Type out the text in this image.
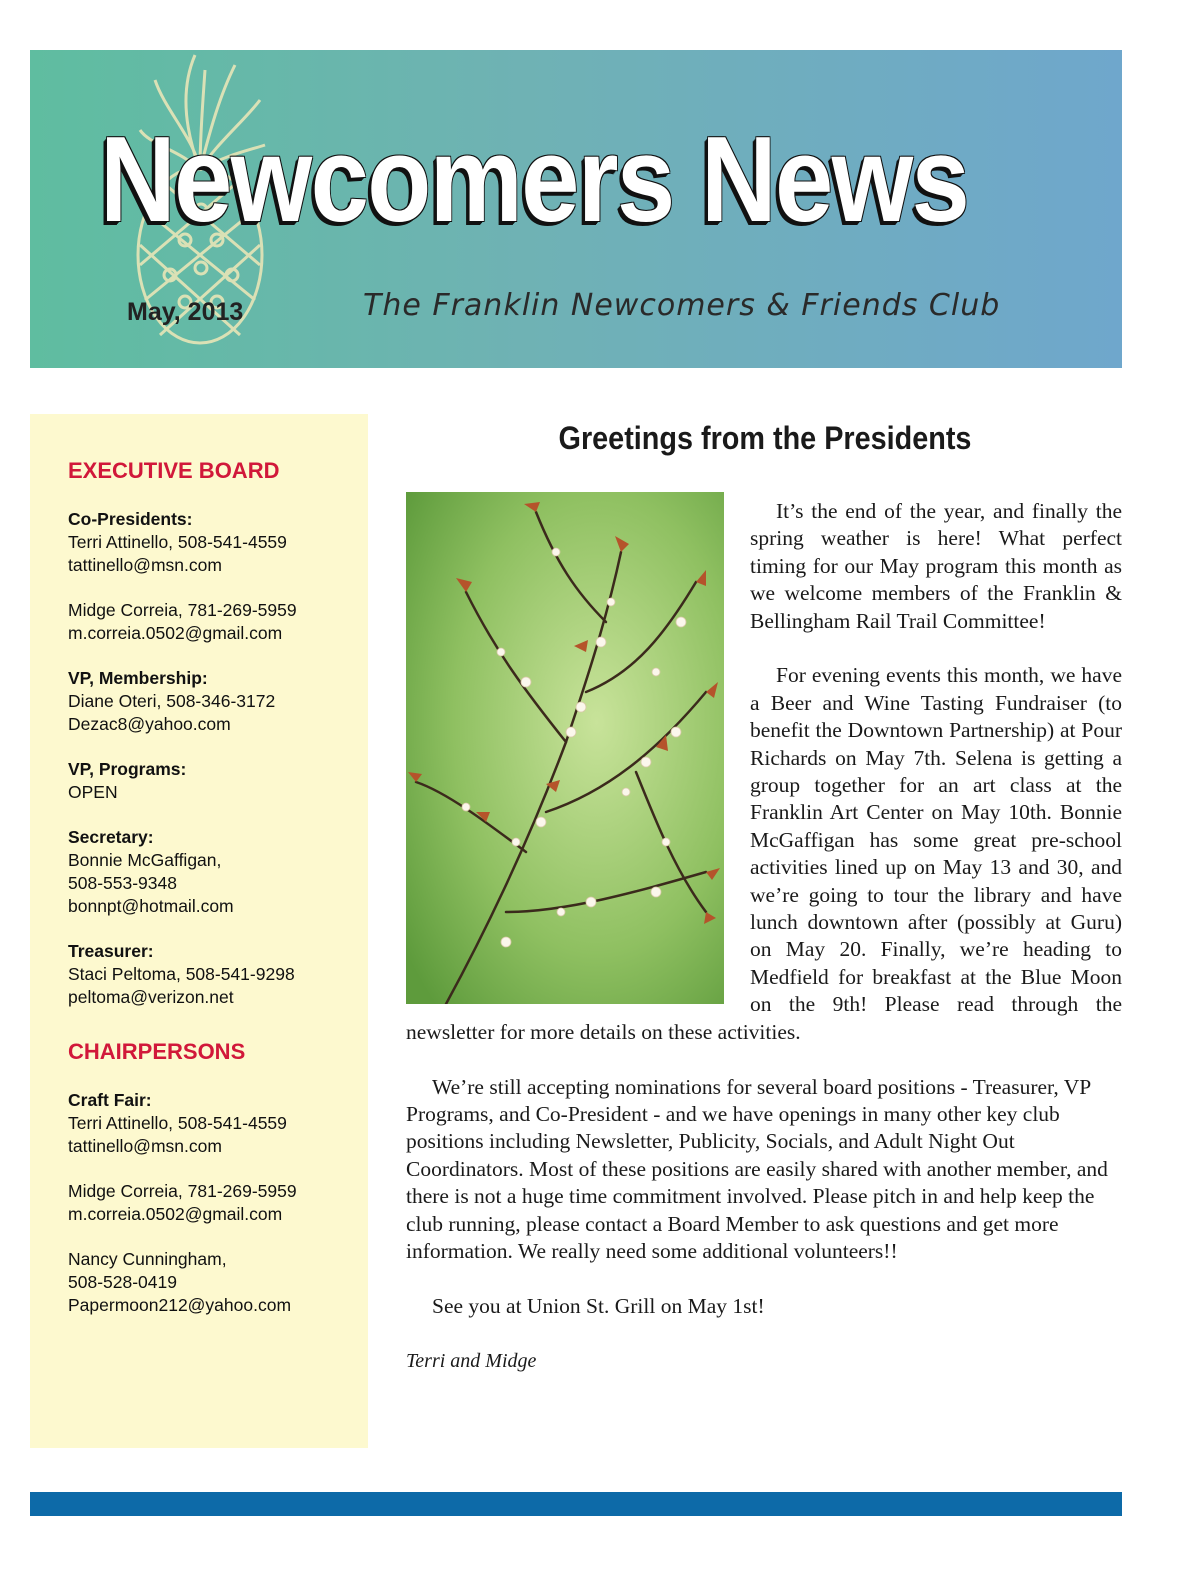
Newcomers News
May, 2013	The Franklin Newcomers & Friends Club
EXECUTIVE BOARD
Co-Presidents:
Terri Attinello, 508-541-4559
tattinello@msn.com
Midge Correia, 781-269-5959
m.correia.0502@gmail.com
VP, Membership:
Diane Oteri, 508-346-3172
Dezac8@yahoo.com
VP, Programs:
OPEN
Secretary:
Bonnie McGaffigan,
508-553-9348
bonnpt@hotmail.com
Treasurer:
Staci Peltoma, 508-541-9298
peltoma@verizon.net
CHAIRPERSONS
Craft Fair:
Terri Attinello, 508-541-4559
tattinello@msn.com
Midge Correia, 781-269-5959
m.correia.0502@gmail.com
Nancy Cunningham,
508-528-0419
Papermoon212@yahoo.com
Greetings from the Presidents

It’s the end of the year, and finally the spring weather is here! What perfect timing for our May program this month as we welcome members of the Franklin & Bellingham Rail Trail Committee!

For evening events this month, we have a Beer and Wine Tasting Fundraiser (to benefit the Downtown Partnership) at Pour Richards on May 7th. Selena is getting a group together for an art class at the Franklin Art Center on May 10th. Bonnie McGaffigan has some great pre-school activities lined up on May 13 and 30, and we’re going to tour the library and have lunch downtown after (possibly at Guru) on May 20. Finally, we’re heading to Medfield for breakfast at the Blue Moon on the 9th! Please read through the newsletter for more details on these activities.

We’re still accepting nominations for several board positions - Treasurer, VP Programs, and Co-President - and we have openings in many other key club positions including Newsletter, Publicity, Socials, and Adult Night Out Coordinators. Most of these positions are easily shared with another member, and there is not a huge time commitment involved. Please pitch in and help keep the club running, please contact a Board Member to ask questions and get more information. We really need some additional volunteers!!

See you at Union St. Grill on May 1st!

Terri and Midge
